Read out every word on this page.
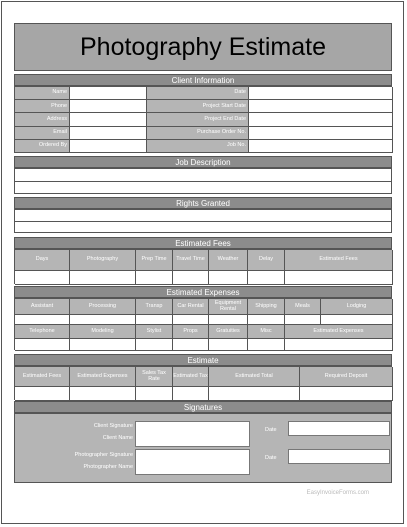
Photography Estimate
Client Information
Name	Date
Phone	Project Start Date
Address	Project End Date
Email	Purchase Order No.
Ordered By	Job No.
Job Description
Rights Granted
Estimated Fees
Days	Photography	Prep Time	Travel Time	Weather	Delay	Estimated Fees
Estimated Expenses
Assistant	Processing	Transp	Car Rental	Equipment Rental	Shipping	Meals	Lodging
Telephone	Modeling	Stylist	Props	Gratuities	Misc	Estimated Expenses
Estimate
Estimated Fees	Estimated Expenses	Sales Tax Rate	Estimated Tax	Estimated Total	Required Deposit
Signatures
Client Signature
Client Name
Photographer Signature
Photographer Name
Date
Date
EasyInvoiceForms.com
